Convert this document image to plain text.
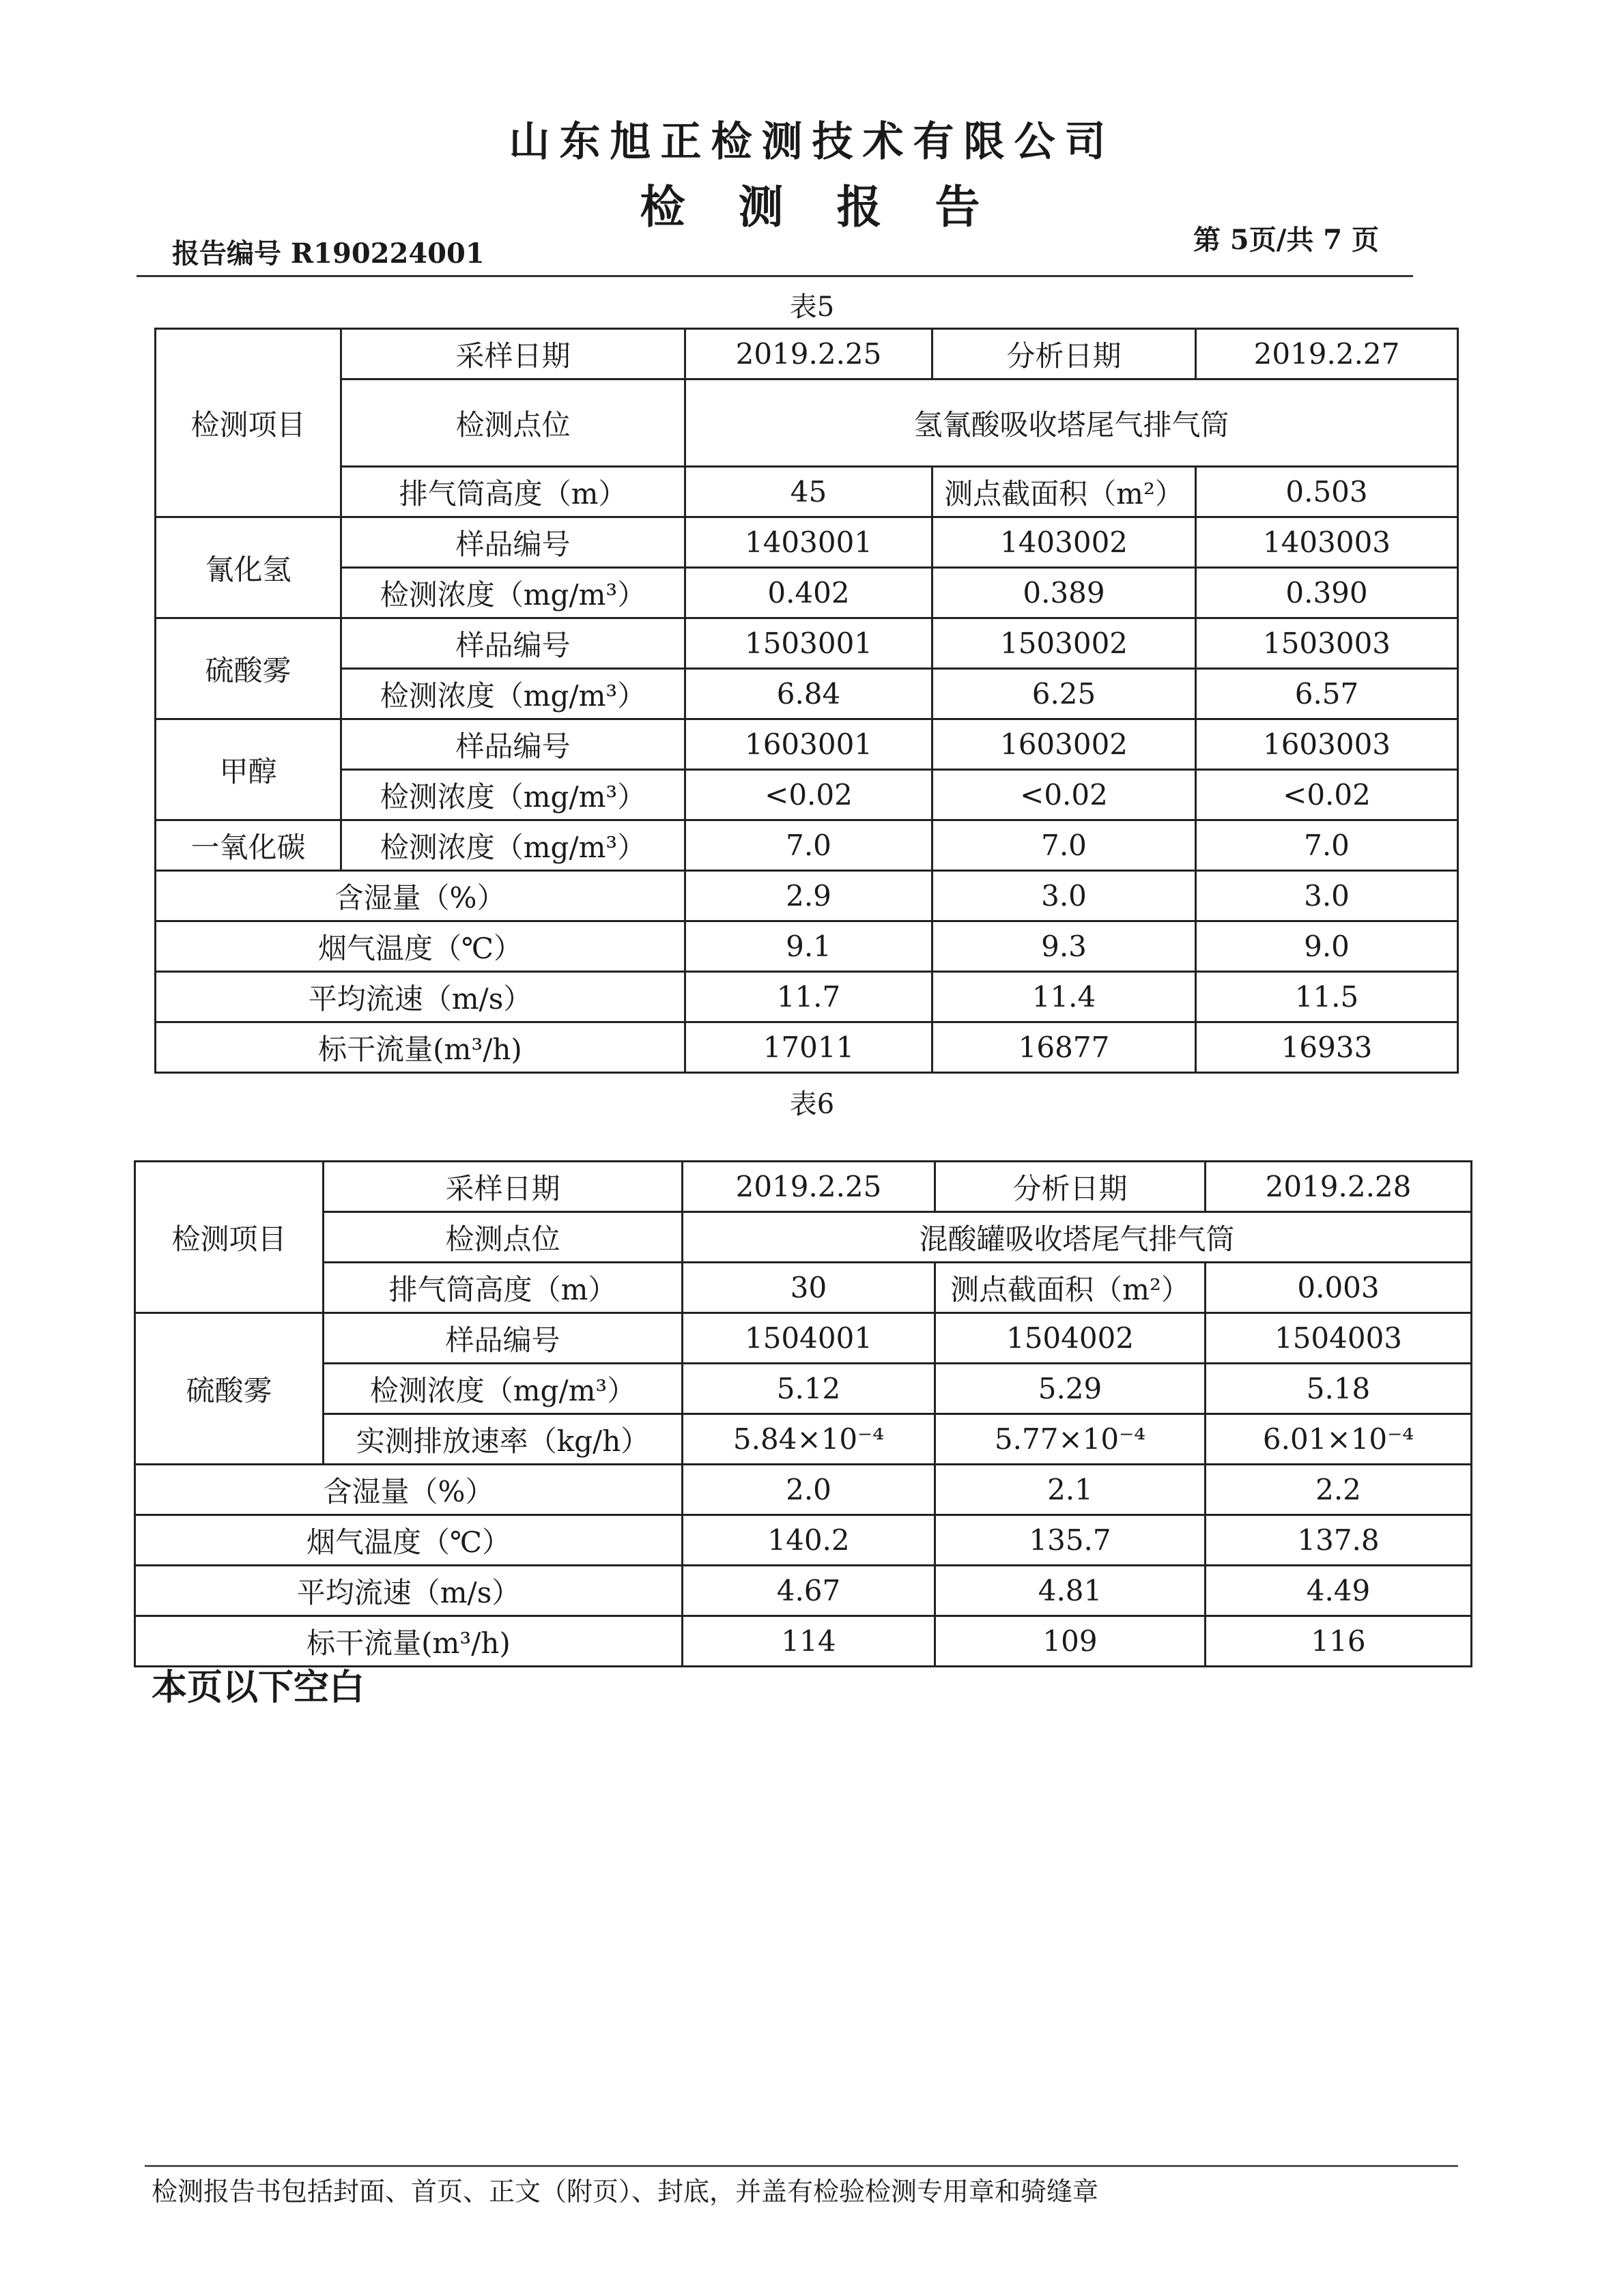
山东旭正检测技术有限公司
检 测 报 告
报告编号 R190224001	第 5页/共 7 页
表5
检测项目	采样日期	2019.2.25	分析日期	2019.2.27
	检测点位	氢氰酸吸收塔尾气排气筒		
	排气筒高度（m）	45	测点截面积（m²）	0.503
氰化氢	样品编号	1403001	1403002	1403003
	检测浓度（mg/m³）	0.402	0.389	0.390
硫酸雾	样品编号	1503001	1503002	1503003
	检测浓度（mg/m³）	6.84	6.25	6.57
甲醇	样品编号	1603001	1603002	1603003
	检测浓度（mg/m³）	<0.02	<0.02	<0.02
一氧化碳	检测浓度（mg/m³）	7.0	7.0	7.0
含湿量（%）		2.9	3.0	3.0
烟气温度（℃）		9.1	9.3	9.0
平均流速（m/s）		11.7	11.4	11.5
标干流量(m³/h)		17011	16877	16933
表6
检测项目	采样日期	2019.2.25	分析日期	2019.2.28
	检测点位	混酸罐吸收塔尾气排气筒		
	排气筒高度（m）	30	测点截面积（m²）	0.003
硫酸雾	样品编号	1504001	1504002	1504003
	检测浓度（mg/m³）	5.12	5.29	5.18
	实测排放速率（kg/h）	5.84×10⁻⁴	5.77×10⁻⁴	6.01×10⁻⁴
含湿量（%）		2.0	2.1	2.2
烟气温度（℃）		140.2	135.7	137.8
平均流速（m/s）		4.67	4.81	4.49
标干流量(m³/h)		114	109	116
本页以下空白
检测报告书包括封面、首页、正文（附页）、封底，并盖有检验检测专用章和骑缝章
